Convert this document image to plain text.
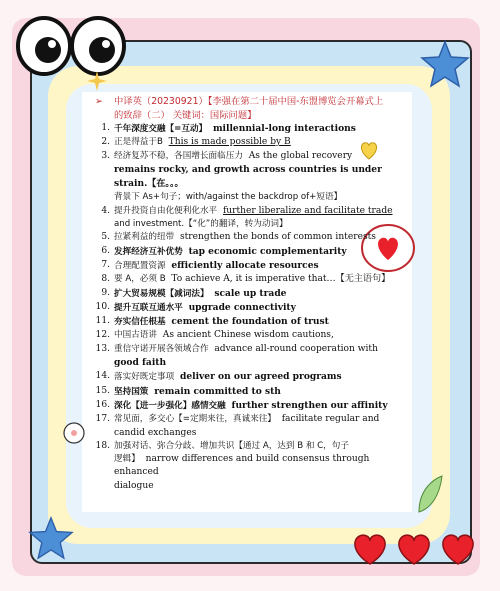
➢ 中译英（20230921）【李强在第二十届中国-东盟博览会开幕式上
的致辞（二） 关键词：国际问题】
1. 千年深度交融【=互动】 millennial-long interactions
2. 正是得益于B This is made possible by B
3. 经济复苏不稳，各国增长面临压力 As the global recovery
remains rocky, and growth across countries is under strain.【在。。。
背景下 As+句子；with/against the backdrop of+短语】
4. 提升投资自由化便利化水平 further liberalize and facilitate trade
and investment.【“化”的翻译，转为动词】
5. 拉紧利益的纽带 strengthen the bonds of common interests
6. 发挥经济互补优势 tap economic complementarity
7. 合理配置资源 efficiently allocate resources
8. 要 A，必须 B To achieve A, it is imperative that…【无主语句】
9. 扩大贸易规模【减词法】 scale up trade
10. 提升互联互通水平 upgrade connectivity
11. 夯实信任根基 cement the foundation of trust
12. 中国古语讲 As ancient Chinese wisdom cautions,
13. 重信守诺开展各领域合作 advance all-round cooperation with
good faith
14. 落实好既定事项 deliver on our agreed programs
15. 坚持国策 remain committed to sth
16. 深化【进一步强化】感情交融 further strengthen our affinity
17. 常见面，多交心【=定期来往，真诚来往】 facilitate regular and
candid exchanges
18. 加强对话、弥合分歧、增加共识【通过 A，达到 B 和 C，句子
逻辑】 narrow differences and build consensus through enhanced
dialogue
